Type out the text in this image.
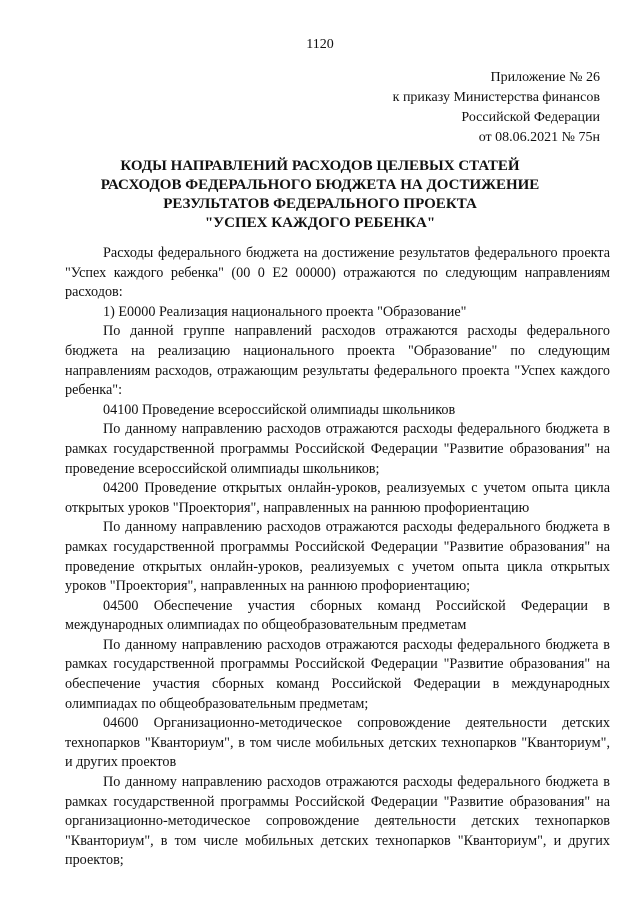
1120
Приложение № 26
к приказу Министерства финансов
Российской Федерации
от 08.06.2021 № 75н
КОДЫ НАПРАВЛЕНИЙ РАСХОДОВ ЦЕЛЕВЫХ СТАТЕЙ
РАСХОДОВ ФЕДЕРАЛЬНОГО БЮДЖЕТА НА ДОСТИЖЕНИЕ
РЕЗУЛЬТАТОВ ФЕДЕРАЛЬНОГО ПРОЕКТА
"УСПЕХ КАЖДОГО РЕБЕНКА"

Расходы федерального бюджета на достижение результатов федерального проекта "Успех каждого ребенка" (00 0 Е2 00000) отражаются по следующим направлениям расходов:

1) Е0000 Реализация национального проекта "Образование"

По данной группе направлений расходов отражаются расходы федерального бюджета на реализацию национального проекта "Образование" по следующим направлениям расходов, отражающим результаты федерального проекта "Успех каждого ребенка":

04100 Проведение всероссийской олимпиады школьников

По данному направлению расходов отражаются расходы федерального бюджета в рамках государственной программы Российской Федерации "Развитие образования" на проведение всероссийской олимпиады школьников;

04200 Проведение открытых онлайн-уроков, реализуемых с учетом опыта цикла открытых уроков "Проектория", направленных на раннюю профориентацию

По данному направлению расходов отражаются расходы федерального бюджета в рамках государственной программы Российской Федерации "Развитие образования" на проведение открытых онлайн-уроков, реализуемых с учетом опыта цикла открытых уроков "Проектория", направленных на раннюю профориентацию;

04500 Обеспечение участия сборных команд Российской Федерации в международных олимпиадах по общеобразовательным предметам

По данному направлению расходов отражаются расходы федерального бюджета в рамках государственной программы Российской Федерации "Развитие образования" на обеспечение участия сборных команд Российской Федерации в международных олимпиадах по общеобразовательным предметам;

04600 Организационно-методическое сопровождение деятельности детских технопарков "Кванториум", в том числе мобильных детских технопарков "Кванториум", и других проектов

По данному направлению расходов отражаются расходы федерального бюджета в рамках государственной программы Российской Федерации "Развитие образования" на организационно-методическое сопровождение деятельности детских технопарков "Кванториум", в том числе мобильных детских технопарков "Кванториум", и других проектов;
